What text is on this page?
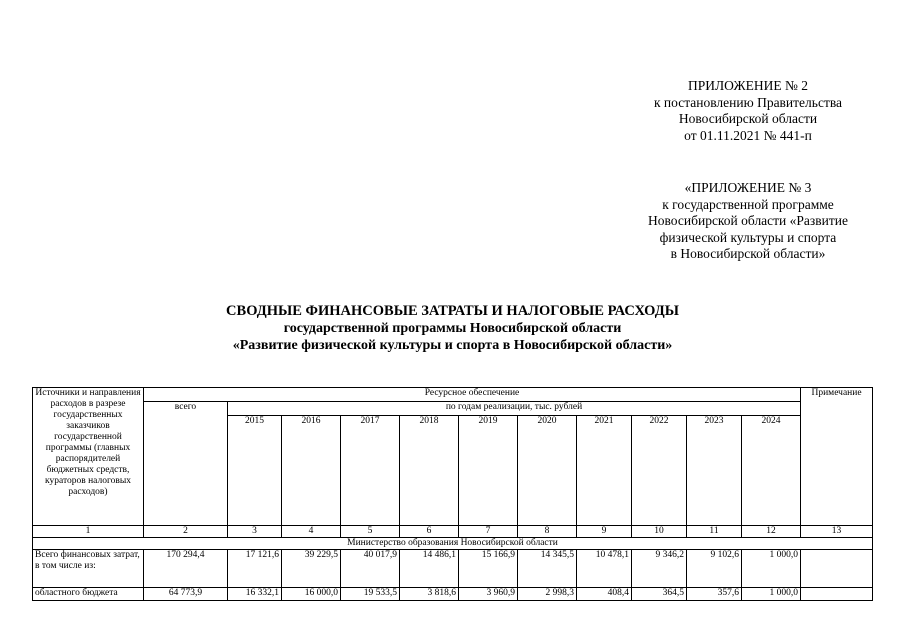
ПРИЛОЖЕНИЕ № 2
к постановлению Правительства
Новосибирской области
от 01.11.2021 № 441-п
«ПРИЛОЖЕНИЕ № 3
к государственной программе
Новосибирской области «Развитие
физической культуры и спорта
в Новосибирской области»
СВОДНЫЕ ФИНАНСОВЫЕ ЗАТРАТЫ И НАЛОГОВЫЕ РАСХОДЫ
государственной программы Новосибирской области
«Развитие физической культуры и спорта в Новосибирской области»
Источники и направления расходов в разрезе государственных заказчиков государственной программы (главных распорядителей бюджетных средств, кураторов налоговых расходов)	Ресурсное обеспечение											Примечание
	всего	по годам реализации, тыс. рублей										
		2015	2016	2017	2018	2019	2020	2021	2022	2023	2024	
1	2	3	4	5	6	7	8	9	10	11	12	13
Министерство образования Новосибирской области												
Всего финансовых затрат, в том числе из:	170 294,4	17 121,6	39 229,5	40 017,9	14 486,1	15 166,9	14 345,5	10 478,1	9 346,2	9 102,6	1 000,0	
областного бюджета	64 773,9	16 332,1	16 000,0	19 533,5	3 818,6	3 960,9	2 998,3	408,4	364,5	357,6	1 000,0	
